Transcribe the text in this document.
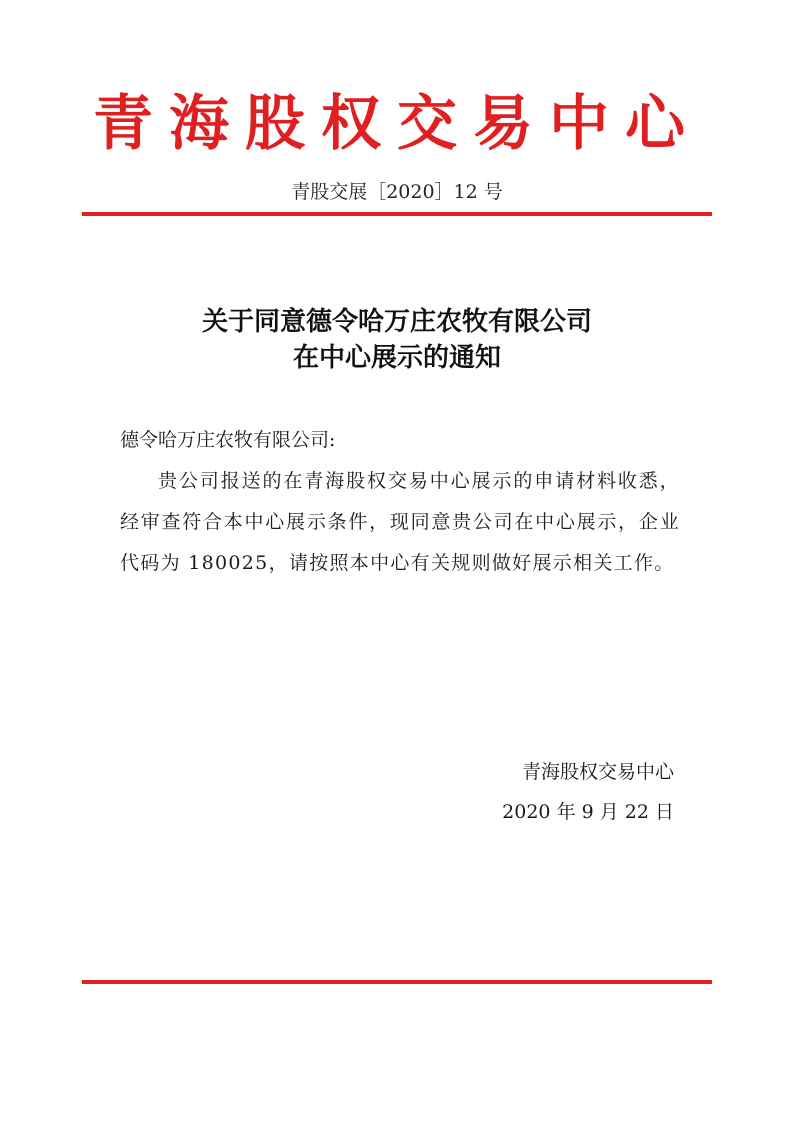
青海股权交易中心
青股交展［2020］12 号
关于同意德令哈万庄农牧有限公司
在中心展示的通知
德令哈万庄农牧有限公司:
贵公司报送的在青海股权交易中心展示的申请材料收悉，经审查符合本中心展示条件，现同意贵公司在中心展示，企业代码为 180025，请按照本中心有关规则做好展示相关工作。
青海股权交易中心
2020 年 9 月 22 日
